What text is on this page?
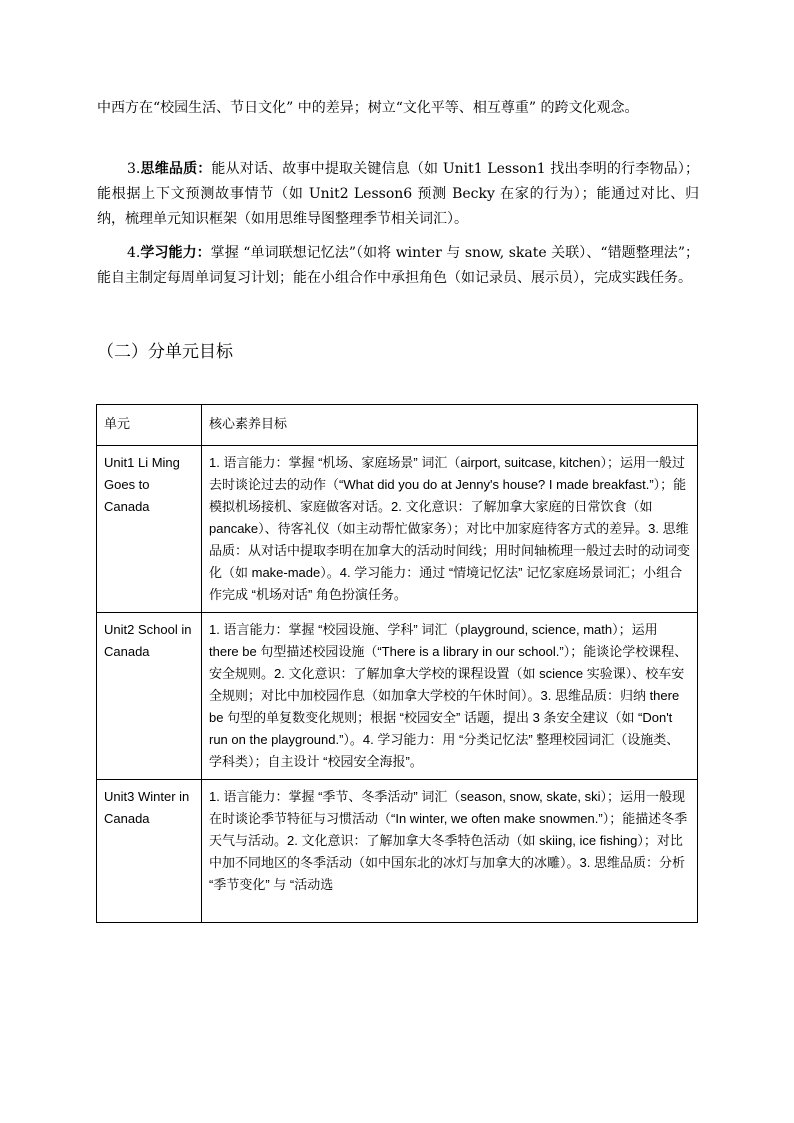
中西方在“校园生活、节日文化” 中的差异；树立“文化平等、相互尊重” 的跨文化观念。

3.思维品质：能从对话、故事中提取关键信息（如 Unit1 Lesson1 找出李明的行李物品）；能根据上下文预测故事情节（如 Unit2 Lesson6 预测 Becky 在家的行为）；能通过对比、归纳，梳理单元知识框架（如用思维导图整理季节相关词汇）。

4.学习能力：掌握 “单词联想记忆法”（如将 winter 与 snow, skate 关联）、“错题整理法”；能自主制定每周单词复习计划；能在小组合作中承担角色（如记录员、展示员），完成实践任务。

（二）分单元目标
单元	核心素养目标
Unit1 Li Ming Goes to Canada	1. 语言能力：掌握 “机场、家庭场景” 词汇（airport, suitcase, kitchen）；运用一般过去时谈论过去的动作（“What did you do at Jenny's house? I made breakfast.”）；能模拟机场接机、家庭做客对话。2. 文化意识：了解加拿大家庭的日常饮食（如 pancake）、待客礼仪（如主动帮忙做家务）；对比中加家庭待客方式的差异。3. 思维品质：从对话中提取李明在加拿大的活动时间线；用时间轴梳理一般过去时的动词变化（如 make-made）。4. 学习能力：通过 “情境记忆法” 记忆家庭场景词汇；小组合作完成 “机场对话” 角色扮演任务。
Unit2 School in Canada	1. 语言能力：掌握 “校园设施、学科” 词汇（playground, science, math）；运用 there be 句型描述校园设施（“There is a library in our school.”）；能谈论学校课程、安全规则。2. 文化意识：了解加拿大学校的课程设置（如 science 实验课）、校车安全规则；对比中加校园作息（如加拿大学校的午休时间）。3. 思维品质：归纳 there be 句型的单复数变化规则；根据 “校园安全” 话题，提出 3 条安全建议（如 “Don't run on the playground.”）。4. 学习能力：用 “分类记忆法” 整理校园词汇（设施类、学科类）；自主设计 “校园安全海报”。
Unit3 Winter in Canada	1. 语言能力：掌握 “季节、冬季活动” 词汇（season, snow, skate, ski）；运用一般现在时谈论季节特征与习惯活动（“In winter, we often make snowmen.”）；能描述冬季天气与活动。2. 文化意识：了解加拿大冬季特色活动（如 skiing, ice fishing）；对比中加不同地区的冬季活动（如中国东北的冰灯与加拿大的冰雕）。3. 思维品质：分析 “季节变化” 与 “活动选
